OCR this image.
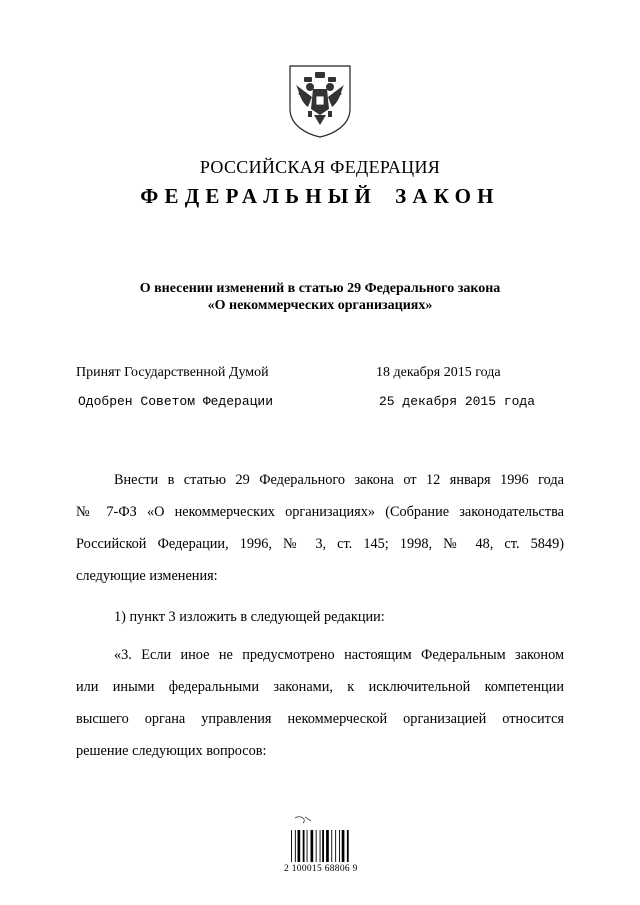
РОССИЙСКАЯ ФЕДЕРАЦИЯ
ФЕДЕРАЛЬНЫЙ ЗАКОН
О внесении изменений в статью 29 Федерального закона
«О некоммерческих организациях»
Принят Государственной Думой	18 декабря 2015 года
Одобрен Советом Федерации	25 декабря 2015 года
Внести в статью 29 Федерального закона от 12 января 1996 года
№ 7-ФЗ «О некоммерческих организациях» (Собрание законодательства
Российской Федерации, 1996, № 3, ст. 145; 1998, № 48, ст. 5849)
следующие изменения:
1) пункт 3 изложить в следующей редакции:
«3. Если иное не предусмотрено настоящим Федеральным законом
или иными федеральными законами, к исключительной компетенции
высшего органа управления некоммерческой организацией относится
решение следующих вопросов:
2 100015 68806 9
